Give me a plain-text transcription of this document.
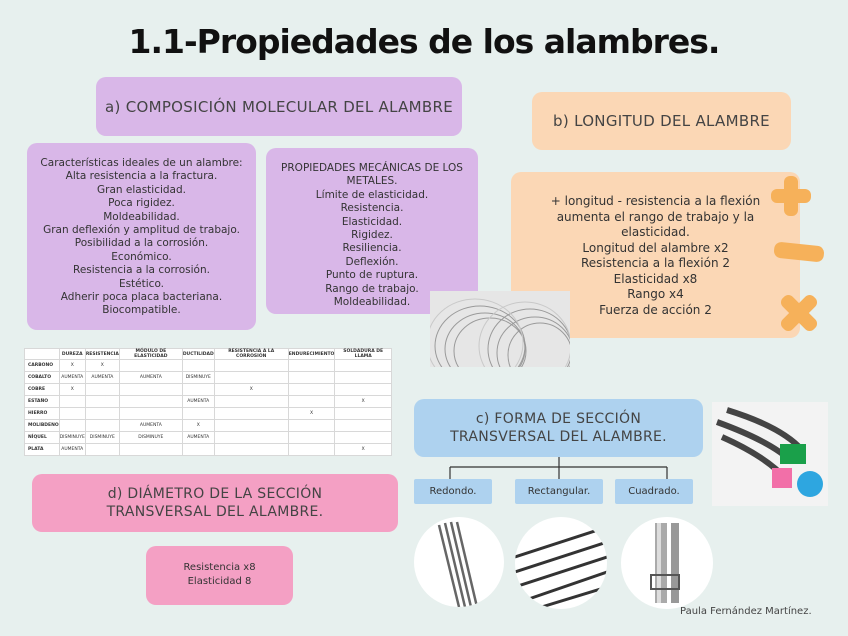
1.1-Propiedades de los alambres.
a) COMPOSICIÓN MOLECULAR DEL ALAMBRE
Características ideales de un alambre:
Alta resistencia a la fractura.
Gran elasticidad.
Poca rigidez.
Moldeabilidad.
Gran deflexión y amplitud de trabajo.
Posibilidad a la corrosión.
Económico.
Resistencia a la corrosión.
Estético.
Adherir poca placa bacteriana.
Biocompatible.
PROPIEDADES MECÁNICAS DE LOS
METALES.
Límite de elasticidad.
Resistencia.
Elasticidad.
Rigidez.
Resiliencia.
Deflexión.
Punto de ruptura.
Rango de trabajo.
Moldeabilidad.
b) LONGITUD DEL ALAMBRE
+ longitud - resistencia a la flexión
aumenta el rango de trabajo y la
elasticidad.
Longitud del alambre x2
Resistencia a la flexión 2
Elasticidad x8
Rango x4
Fuerza de acción 2
	DUREZA	RESISTENCIA	MÓDULO DE ELASTICIDAD	DUCTILIDAD	RESISTENCIA A LA CORROSIÓN	ENDURECIMIENTO	SOLDADURA DE LLAMA
CARBONO	X	X					
COBALTO	AUMENTA	AUMENTA	AUMENTA	DISMINUYE			
COBRE	X				X		
ESTAÑO				AUMENTA			X
HIERRO						X	
MOLIBDENO			AUMENTA	X			
NÍQUEL	DISMINUYE	DISMINUYE	DISMINUYE	AUMENTA			
PLATA	AUMENTA						X
c) FORMA DE SECCIÓN
TRANSVERSAL DEL ALAMBRE.
Redondo.	Rectangular.	Cuadrado.
d) DIÁMETRO DE LA SECCIÓN
TRANSVERSAL DEL ALAMBRE.
Resistencia x8
Elasticidad 8
Paula Fernández Martínez.
